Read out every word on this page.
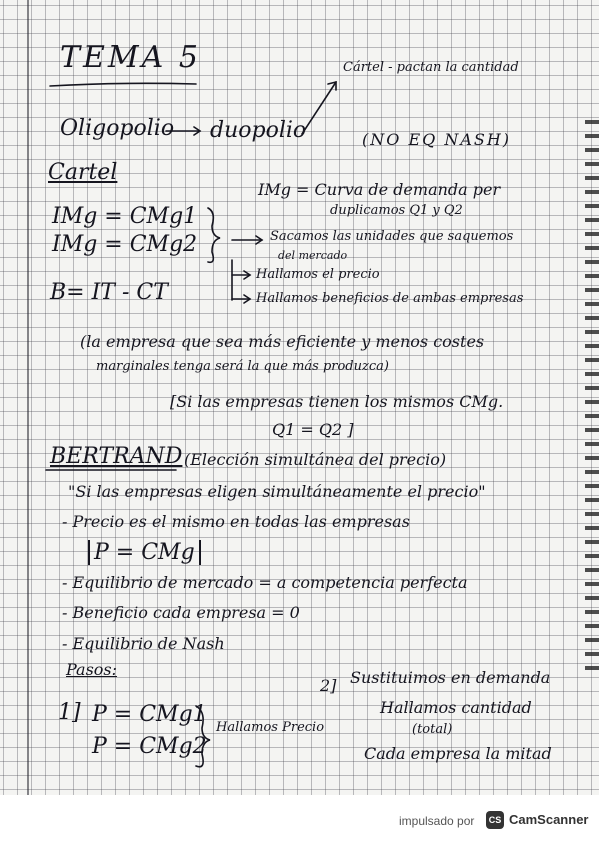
TEMA 5	Cártel - pactan la cantidad
Oligopolio duopolio	(NO EQ NASH)
Cartel
IMg = Curva de demanda per
duplicamos Q1 y Q2
IMg = CMg1
IMg = CMg2	Sacamos las unidades que saquemos
del mercado
Hallamos el precio
Hallamos beneficios de ambas empresas
B= IT - CT
(la empresa que sea más eficiente y menos costes
marginales tenga será la que más produzca)
[Si las empresas tienen los mismos CMg.
Q1 = Q2 ]
BERTRAND (Elección simultánea del precio)
"Si las empresas eligen simultáneamente el precio"
- Precio es el mismo en todas las empresas
P = CMg
- Equilibrio de mercado = a competencia perfecta
- Beneficio cada empresa = 0
- Equilibrio de Nash
Pasos:
1] P = CMg1
P = CMg2
Hallamos Precio
2] Sustituimos en demanda
Hallamos cantidad
(total)
Cada empresa la mitad
impulsado por	CS CamScanner
